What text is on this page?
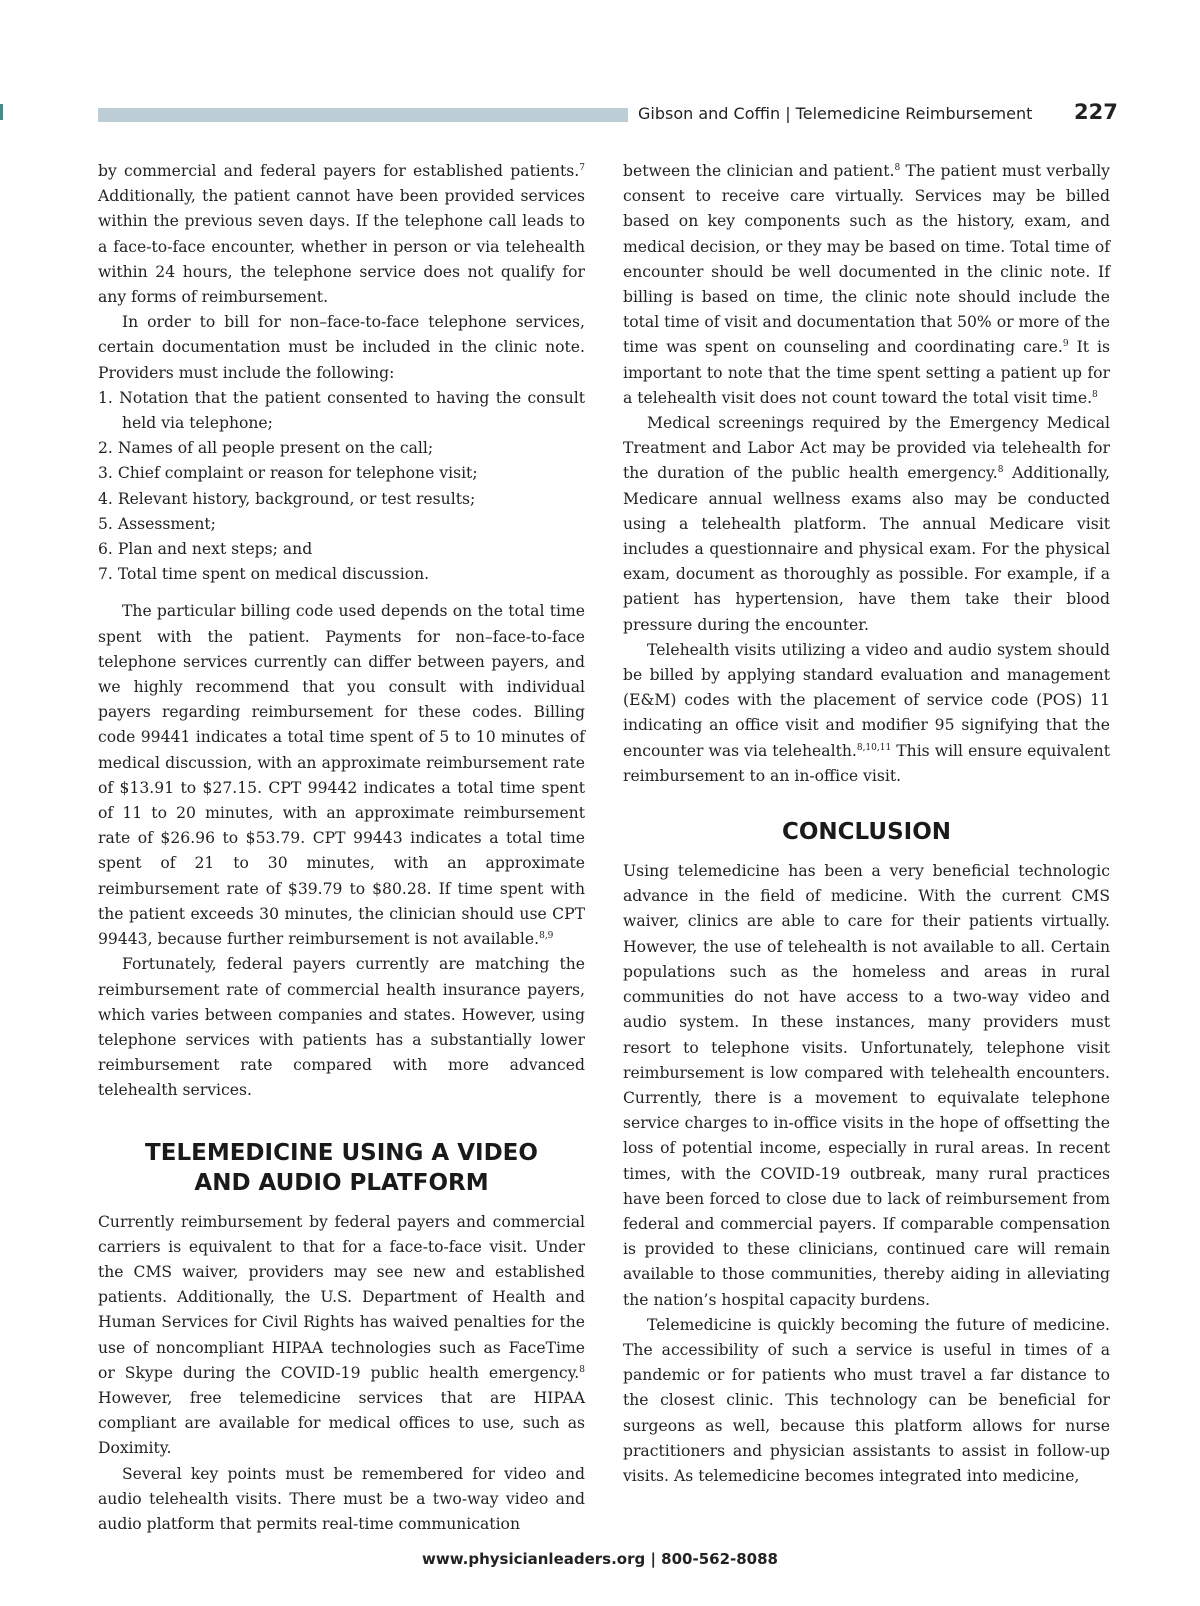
Gibson and Coffin | Telemedicine Reimbursement 227

by commercial and federal payers for established patients.$^7$ Additionally, the patient cannot have been provided services within the previous seven days. If the telephone call leads to a face-to-face encounter, whether in person or via telehealth within 24 hours, the telephone service does not qualify for any forms of reimbursement.

In order to bill for non–face-to-face telephone services, certain documentation must be included in the clinic note. Providers must include the following:

1. Notation that the patient consented to having the consult held via telephone;
2. Names of all people present on the call;
3. Chief complaint or reason for telephone visit;
4. Relevant history, background, or test results;
5. Assessment;
6. Plan and next steps; and
7. Total time spent on medical discussion.

The particular billing code used depends on the total time spent with the patient. Payments for non–face-to-face telephone services currently can differ between payers, and we highly recommend that you consult with individual payers regarding reimbursement for these codes. Billing code 99441 indicates a total time spent of 5 to 10 minutes of medical discussion, with an approximate reimbursement rate of $13.91 to $27.15. CPT 99442 indicates a total time spent of 11 to 20 minutes, with an approximate reimbursement rate of $26.96 to $53.79. CPT 99443 indicates a total time spent of 21 to 30 minutes, with an approximate reimbursement rate of $39.79 to $80.28. If time spent with the patient exceeds 30 minutes, the clinician should use CPT 99443, because further reimbursement is not available.$^{8,9}$

Fortunately, federal payers currently are matching the reimbursement rate of commercial health insurance payers, which varies between companies and states. However, using telephone services with patients has a substantially lower reimbursement rate compared with more advanced telehealth services.

TELEMEDICINE USING A VIDEO
AND AUDIO PLATFORM

Currently reimbursement by federal payers and commercial carriers is equivalent to that for a face-to-face visit. Under the CMS waiver, providers may see new and established patients. Additionally, the U.S. Department of Health and Human Services for Civil Rights has waived penalties for the use of noncompliant HIPAA technologies such as FaceTime or Skype during the COVID-19 public health emergency.$^8$ However, free telemedicine services that are HIPAA compliant are available for medical offices to use, such as Doximity.

Several key points must be remembered for video and audio telehealth visits. There must be a two-way video and audio platform that permits real-time communication

between the clinician and patient.$^8$ The patient must verbally consent to receive care virtually. Services may be billed based on key components such as the history, exam, and medical decision, or they may be based on time. Total time of encounter should be well documented in the clinic note. If billing is based on time, the clinic note should include the total time of visit and documentation that 50% or more of the time was spent on counseling and coordinating care.$^9$ It is important to note that the time spent setting a patient up for a telehealth visit does not count toward the total visit time.$^8$

Medical screenings required by the Emergency Medical Treatment and Labor Act may be provided via telehealth for the duration of the public health emergency.$^8$ Additionally, Medicare annual wellness exams also may be conducted using a telehealth platform. The annual Medicare visit includes a questionnaire and physical exam. For the physical exam, document as thoroughly as possible. For example, if a patient has hypertension, have them take their blood pressure during the encounter.

Telehealth visits utilizing a video and audio system should be billed by applying standard evaluation and management (E&M) codes with the placement of service code (POS) 11 indicating an office visit and modifier 95 signifying that the encounter was via telehealth.$^{8,10,11}$ This will ensure equivalent reimbursement to an in-office visit.

CONCLUSION

Using telemedicine has been a very beneficial technologic advance in the field of medicine. With the current CMS waiver, clinics are able to care for their patients virtually. However, the use of telehealth is not available to all. Certain populations such as the homeless and areas in rural communities do not have access to a two-way video and audio system. In these instances, many providers must resort to telephone visits. Unfortunately, telephone visit reimbursement is low compared with telehealth encounters. Currently, there is a movement to equivalate telephone service charges to in-office visits in the hope of offsetting the loss of potential income, especially in rural areas. In recent times, with the COVID-19 outbreak, many rural practices have been forced to close due to lack of reimbursement from federal and commercial payers. If comparable compensation is provided to these clinicians, continued care will remain available to those communities, thereby aiding in alleviating the nation’s hospital capacity burdens.

Telemedicine is quickly becoming the future of medicine. The accessibility of such a service is useful in times of a pandemic or for patients who must travel a far distance to the closest clinic. This technology can be beneficial for surgeons as well, because this platform allows for nurse practitioners and physician assistants to assist in follow-up visits. As telemedicine becomes integrated into medicine,

www.physicianleaders.org | 800-562-8088
